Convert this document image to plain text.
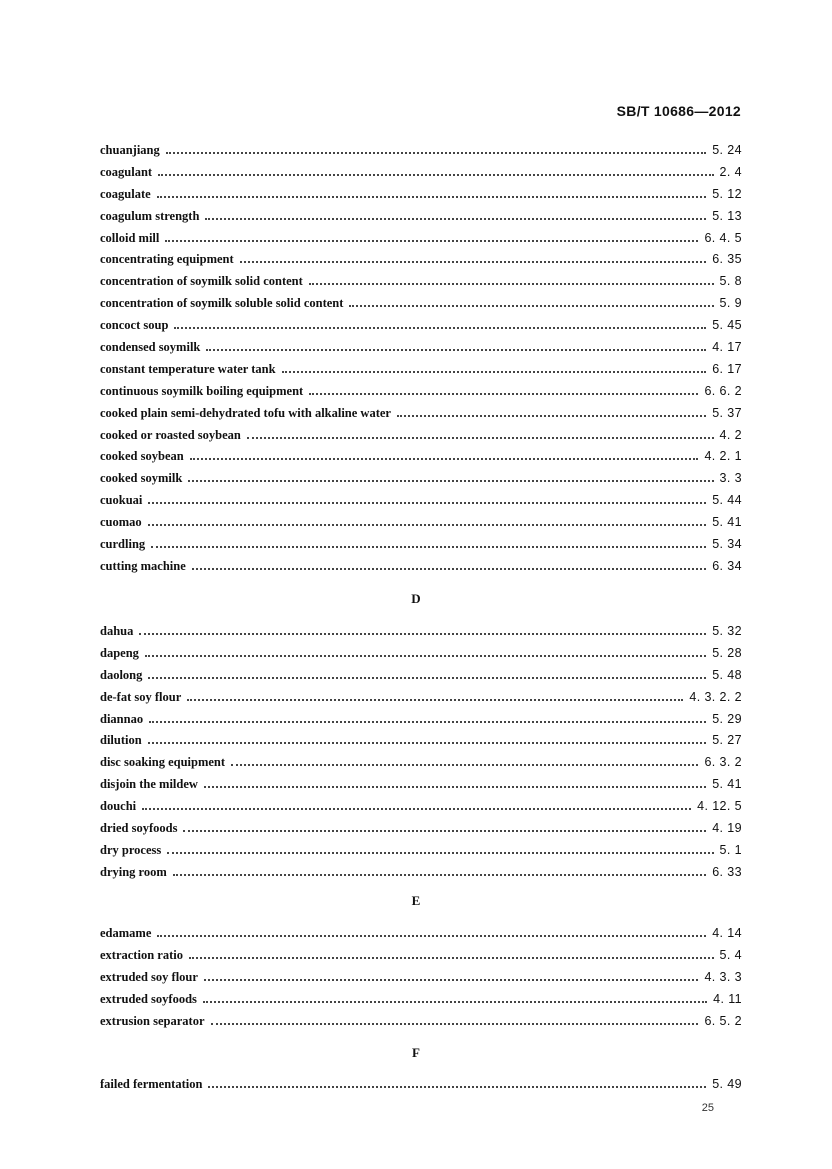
SB/T 10686—2012
chuanjiang	5. 24
coagulant	2. 4
coagulate	5. 12
coagulum strength	5. 13
colloid mill	6. 4. 5
concentrating equipment	6. 35
concentration of soymilk solid content	5. 8
concentration of soymilk soluble solid content	5. 9
concoct soup	5. 45
condensed soymilk	4. 17
constant temperature water tank	6. 17
continuous soymilk boiling equipment	6. 6. 2
cooked plain semi-dehydrated tofu with alkaline water	5. 37
cooked or roasted soybean	4. 2
cooked soybean	4. 2. 1
cooked soymilk	3. 3
cuokuai	5. 44
cuomao	5. 41
curdling	5. 34
cutting machine	6. 34
D
dahua	5. 32
dapeng	5. 28
daolong	5. 48
de-fat soy flour	4. 3. 2. 2
diannao	5. 29
dilution	5. 27
disc soaking equipment	6. 3. 2
disjoin the mildew	5. 41
douchi	4. 12. 5
dried soyfoods	4. 19
dry process	5. 1
drying room	6. 33
E
edamame	4. 14
extraction ratio	5. 4
extruded soy flour	4. 3. 3
extruded soyfoods	4. 11
extrusion separator	6. 5. 2
F
failed fermentation	5. 49
25
